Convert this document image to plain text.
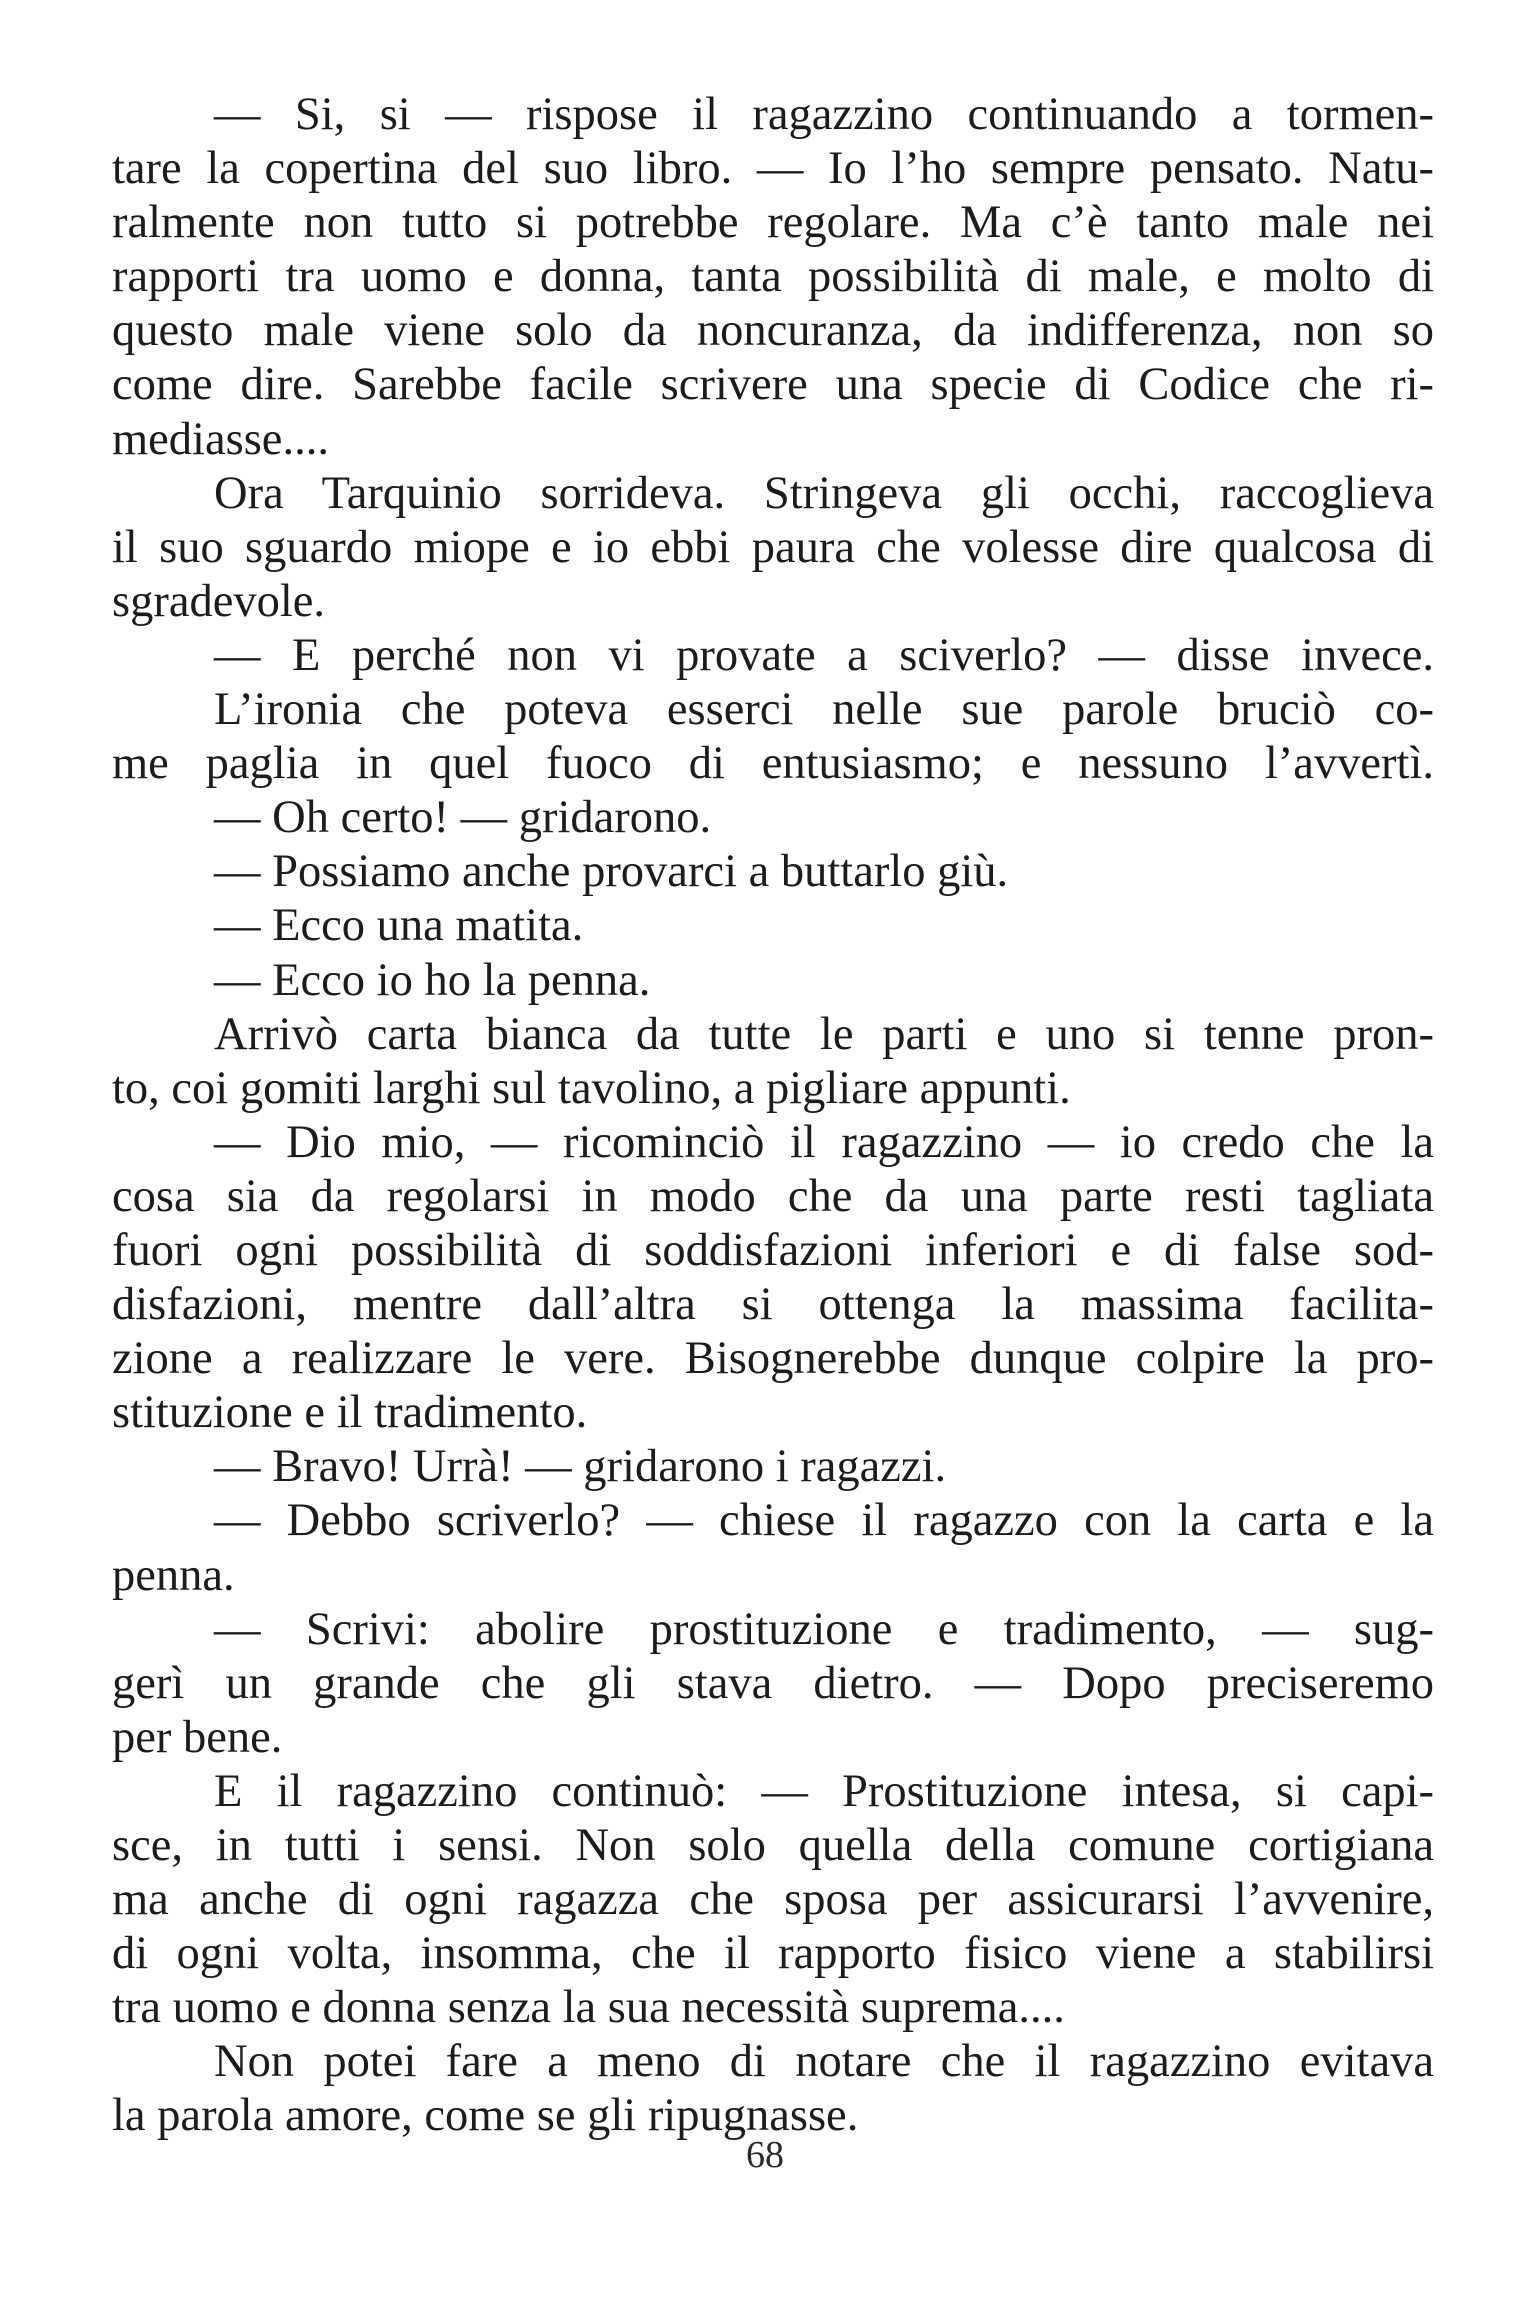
— Si, si — rispose il ragazzino continuando a tormen-
tare la copertina del suo libro. — Io l’ho sempre pensato. Natu-
ralmente non tutto si potrebbe regolare. Ma c’è tanto male nei
rapporti tra uomo e donna, tanta possibilità di male, e molto di
questo male viene solo da noncuranza, da indifferenza, non so
come dire. Sarebbe facile scrivere una specie di Codice che ri-
mediasse....
Ora Tarquinio sorrideva. Stringeva gli occhi, raccoglieva
il suo sguardo miope e io ebbi paura che volesse dire qualcosa di
sgradevole.
— E perché non vi provate a sciverlo? — disse invece.
L’ironia che poteva esserci nelle sue parole bruciò co-
me paglia in quel fuoco di entusiasmo; e nessuno l’avvertì.
— Oh certo! — gridarono.
— Possiamo anche provarci a buttarlo giù.
— Ecco una matita.
— Ecco io ho la penna.
Arrivò carta bianca da tutte le parti e uno si tenne pron-
to, coi gomiti larghi sul tavolino, a pigliare appunti.
— Dio mio, — ricominciò il ragazzino — io credo che la
cosa sia da regolarsi in modo che da una parte resti tagliata
fuori ogni possibilità di soddisfazioni inferiori e di false sod-
disfazioni, mentre dall’altra si ottenga la massima facilita-
zione a realizzare le vere. Bisognerebbe dunque colpire la pro-
stituzione e il tradimento.
— Bravo! Urrà! — gridarono i ragazzi.
— Debbo scriverlo? — chiese il ragazzo con la carta e la
penna.
— Scrivi: abolire prostituzione e tradimento, — sug-
gerì un grande che gli stava dietro. — Dopo preciseremo
per bene.
E il ragazzino continuò: — Prostituzione intesa, si capi-
sce, in tutti i sensi. Non solo quella della comune cortigiana
ma anche di ogni ragazza che sposa per assicurarsi l’avvenire,
di ogni volta, insomma, che il rapporto fisico viene a stabilirsi
tra uomo e donna senza la sua necessità suprema....
Non potei fare a meno di notare che il ragazzino evitava
la parola amore, come se gli ripugnasse.
68
